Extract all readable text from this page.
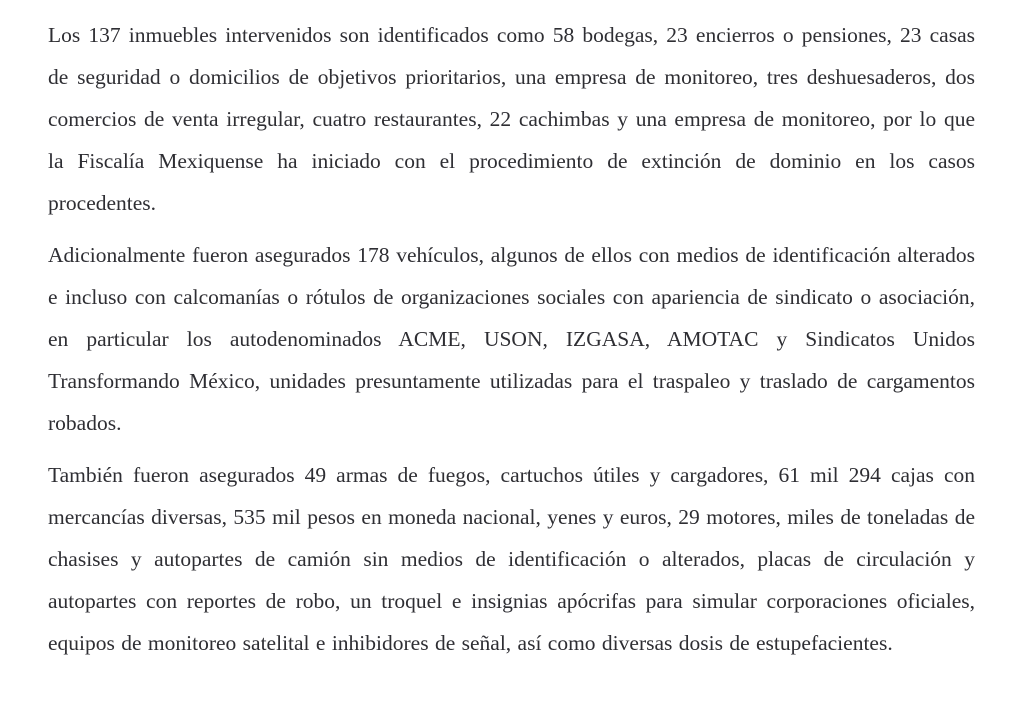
Los 137 inmuebles intervenidos son identificados como 58 bodegas, 23 encierros o pensiones, 23 casas de seguridad o domicilios de objetivos prioritarios, una empresa de monitoreo, tres deshuesaderos, dos comercios de venta irregular, cuatro restaurantes, 22 cachimbas y una empresa de monitoreo, por lo que la Fiscalía Mexiquense ha iniciado con el procedimiento de extinción de dominio en los casos procedentes.

Adicionalmente fueron asegurados 178 vehículos, algunos de ellos con medios de identificación alterados e incluso con calcomanías o rótulos de organizaciones sociales con apariencia de sindicato o asociación, en particular los autodenominados ACME, USON, IZGASA, AMOTAC y Sindicatos Unidos Transformando México, unidades presuntamente utilizadas para el traspaleo y traslado de cargamentos robados.

También fueron asegurados 49 armas de fuegos, cartuchos útiles y cargadores, 61 mil 294 cajas con mercancías diversas, 535 mil pesos en moneda nacional, yenes y euros, 29 motores, miles de toneladas de chasises y autopartes de camión sin medios de identificación o alterados, placas de circulación y autopartes con reportes de robo, un troquel e insignias apócrifas para simular corporaciones oficiales, equipos de monitoreo satelital e inhibidores de señal, así como diversas dosis de estupefacientes.
